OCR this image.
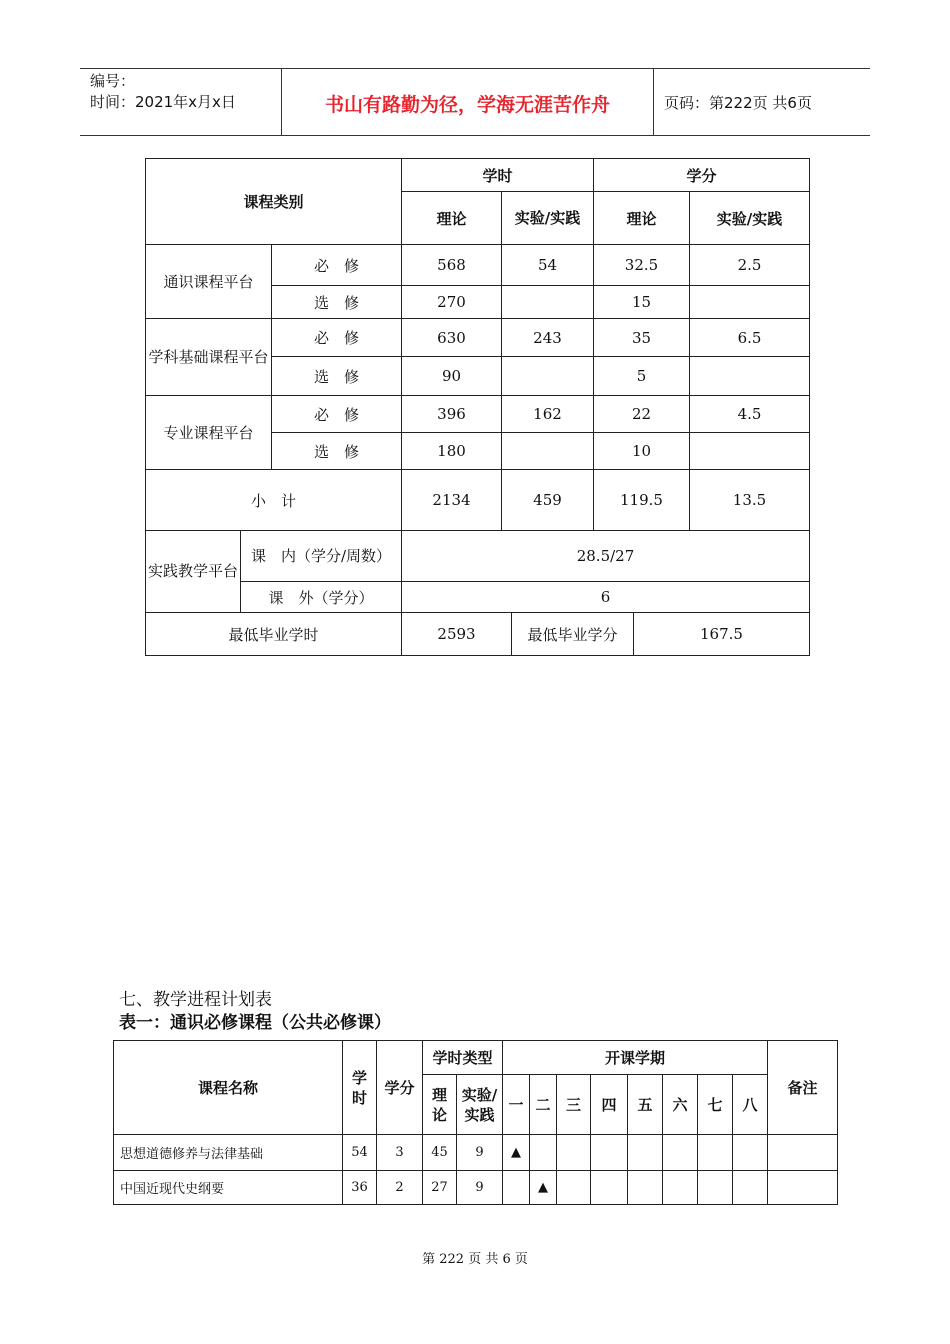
编号：
时间：2021年x月x日	书山有路勤为径，学海无涯苦作舟	页码：第222页 共6页
课程类别			学时			学分		
			理论	实验/实践		理论		实验/实践
通识课程平台		必　修	568	54		32.5		2.5
		选　修	270			15		
学科基础课程平台		必　修	630	243		35		6.5
		选　修	90			5		
专业课程平台		必　修	396	162		22		4.5
		选　修	180			10		
小　计			2134	459		119.5		13.5
实践教学平台	课　内（学分/周数）		28.5/27					
	课　外（学分）		6					
最低毕业学时			2593		最低毕业学分		167.5	
七、教学进程计划表
表一：通识必修课程（公共必修课）
课程名称	学时	学分	学时类型		开课学期								备注
			理论	实验/实践	一	二	三	四	五	六	七	八	
思想道德修养与法律基础	54	3	45	9	▲								
中国近现代史纲要	36	2	27	9		▲							
第 222 页 共 6 页
